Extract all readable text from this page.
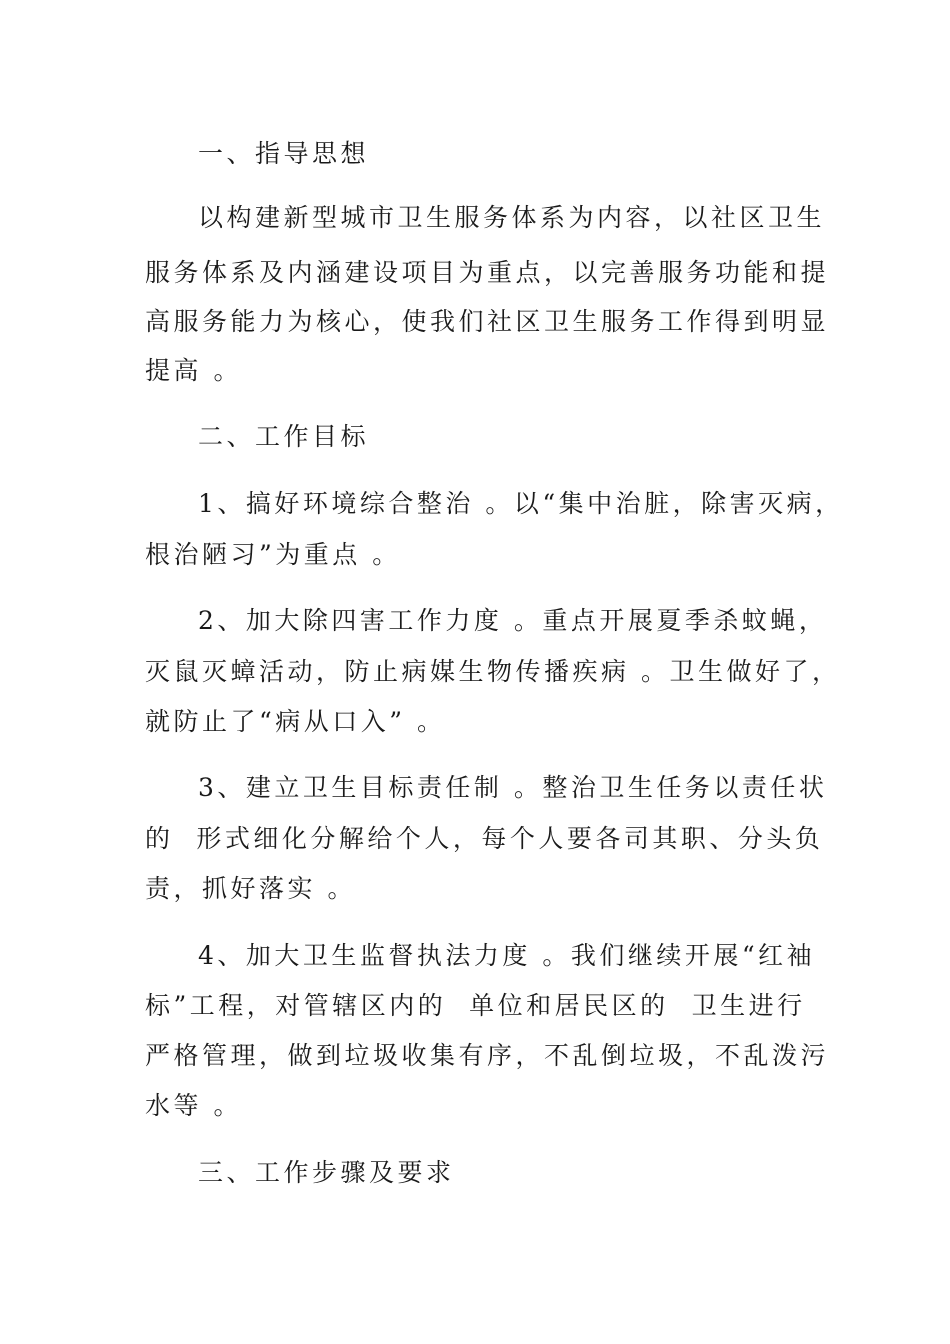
一、指导思想
以构建新型城市卫生服务体系为内容，以社区卫生
服务体系及内涵建设项目为重点，以完善服务功能和提
高服务能力为核心，使我们社区卫生服务工作得到明显
提高 。
二、工作目标
1、搞好环境综合整治 。以“集中治脏，除害灭病，
根治陋习”为重点 。
2、加大除四害工作力度 。重点开展夏季杀蚊蝇，
灭鼠灭蟑活动，防止病媒生物传播疾病 。卫生做好了，
就防止了“病从口入” 。
3、建立卫生目标责任制 。整治卫生任务以责任状
的  形式细化分解给个人，每个人要各司其职、分头负
责，抓好落实 。
4、加大卫生监督执法力度 。我们继续开展“红袖
标”工程，对管辖区内的  单位和居民区的  卫生进行
严格管理，做到垃圾收集有序，不乱倒垃圾，不乱泼污
水等 。
三、工作步骤及要求
